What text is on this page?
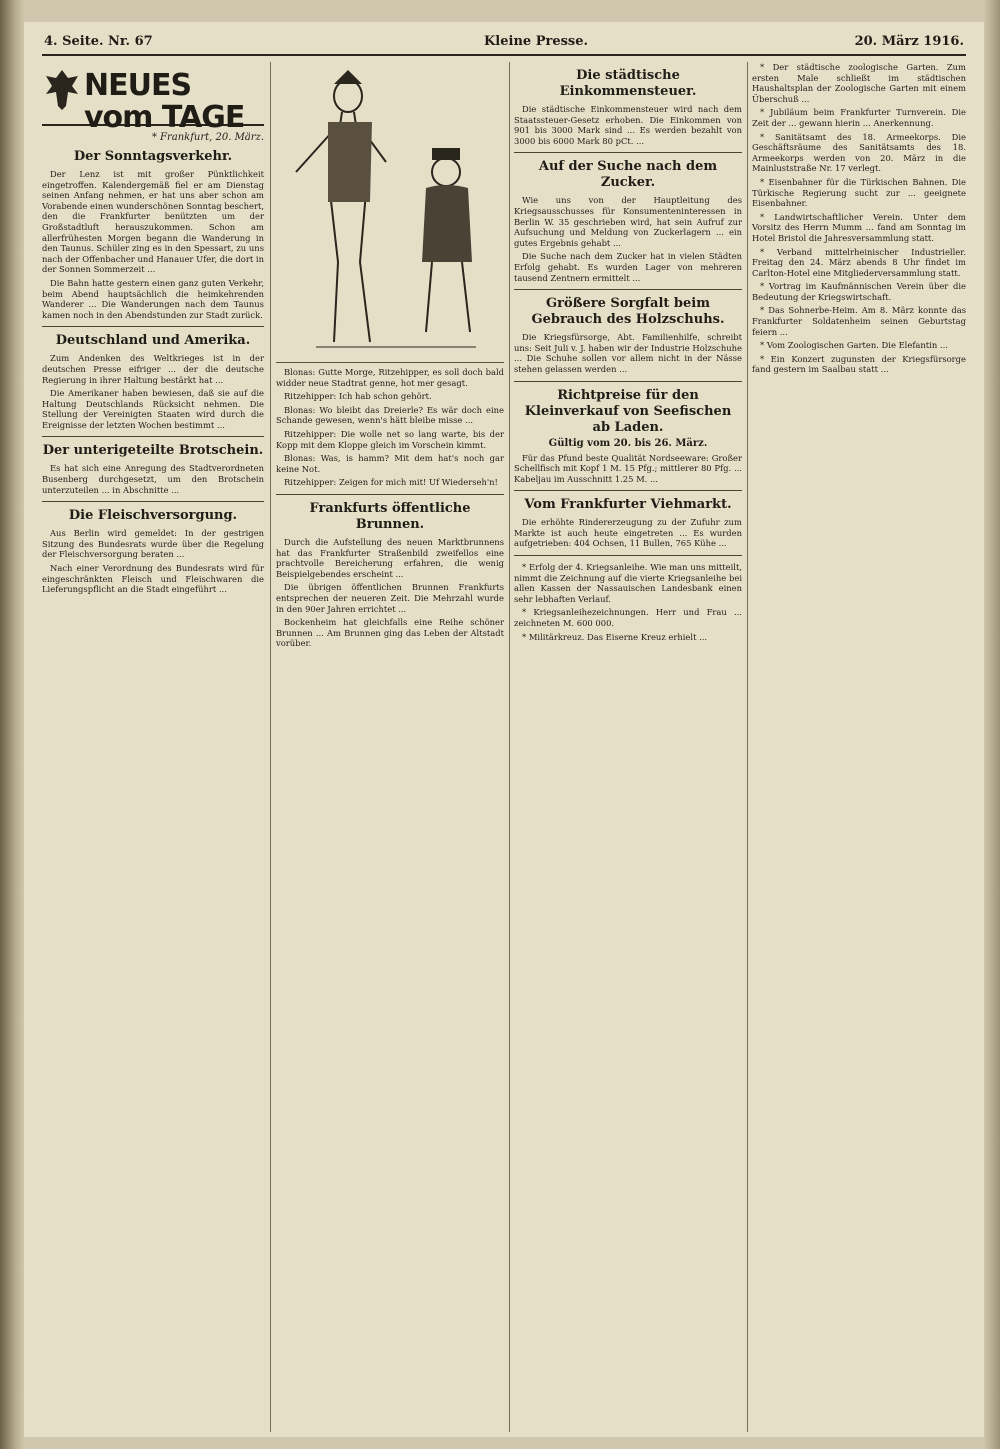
4. Seite. Nr. 67	Kleine Presse.	20. März 1916.
NEUES vom TAGE
* Frankfurt, 20. März.
Der Sonntagsverkehr.

Der Lenz ist mit großer Pünktlichkeit eingetroffen. Kalendergemäß fiel er am Dienstag seinen Anfang nehmen, er hat uns aber schon am Vorabende einen wunderschönen Sonntag beschert, den die Frankfurter benützten um der Großstadtluft herauszukommen. Schon am allerfrühesten Morgen begann die Wanderung in den Taunus. Schüler zing es in den Spessart, zu uns nach der Offenbacher und Hanauer Ufer, die dort in der Sonnen Sommerzeit ...

Die Bahn hatte gestern einen ganz guten Verkehr, beim Abend hauptsächlich die heimkehrenden Wanderer ... Die Wanderungen nach dem Taunus kamen noch in den Abendstunden zur Stadt zurück.

Deutschland und Amerika.

Zum Andenken des Weltkrieges ist in der deutschen Presse eifriger ... der die deutsche Regierung in ihrer Haltung bestärkt hat ...

Die Amerikaner haben bewiesen, daß sie auf die Haltung Deutschlands Rücksicht nehmen. Die Stellung der Vereinigten Staaten wird durch die Ereignisse der letzten Wochen bestimmt ...

Der unterigeteilte Brotschein.

Es hat sich eine Anregung des Stadtverordneten Busenberg durchgesetzt, um den Brotschein unterzuteilen ... in Abschnitte ...

Die Fleischversorgung.

Aus Berlin wird gemeldet: In der gestrigen Sitzung des Bundesrats wurde über die Regelung der Fleischversorgung beraten ...

Nach einer Verordnung des Bundesrats wird für eingeschränkten Fleisch und Fleischwaren die Lieferungspflicht an die Stadt eingeführt ...

Blonas: Gutte Morge, Ritzehipper, es soll doch bald widder neue Stadtrat genne, hot mer gesagt.

Ritzehipper: Ich hab schon gehört.

Blonas: Wo bleibt das Dreierle? Es wär doch eine Schande gewesen, wenn's hätt bleibe misse ...

Ritzehipper: Die wolle net so lang warte, bis der Kopp mit dem Kloppe gleich im Vorschein kimmt.

Blonas: Was, is hamm? Mit dem hat's noch gar keine Not.

Ritzehipper: Zeigen for mich mit! Uf Wiederseh'n!

Frankfurts öffentliche Brunnen.

Durch die Aufstellung des neuen Marktbrunnens hat das Frankfurter Straßenbild zweifellos eine prachtvolle Bereicherung erfahren, die wenig Beispielgebendes erscheint ...

Die übrigen öffentlichen Brunnen Frankfurts entsprechen der neueren Zeit. Die Mehrzahl wurde in den 90er Jahren errichtet ...

Bockenheim hat gleichfalls eine Reihe schöner Brunnen ... Am Brunnen ging das Leben der Altstadt vorüber.

Die städtische Einkommensteuer.

Die städtische Einkommensteuer wird nach dem Staatssteuer-Gesetz erhoben. Die Einkommen von 901 bis 3000 Mark sind ... Es werden bezahlt von 3000 bis 6000 Mark 80 pCt. ...

Auf der Suche nach dem Zucker.

Wie uns von der Hauptleitung des Kriegsausschusses für Konsumenteninteressen in Berlin W. 35 geschrieben wird, hat sein Aufruf zur Aufsuchung und Meldung von Zuckerlagern ... ein gutes Ergebnis gehabt ...

Die Suche nach dem Zucker hat in vielen Städten Erfolg gehabt. Es wurden Lager von mehreren tausend Zentnern ermittelt ...

Größere Sorgfalt beim Gebrauch des Holzschuhs.

Die Kriegsfürsorge, Abt. Familienhilfe, schreibt uns: Seit Juli v. J. haben wir der Industrie Holzschuhe ... Die Schuhe sollen vor allem nicht in der Nässe stehen gelassen werden ...

Richtpreise für den Kleinverkauf von Seefischen ab Laden.
Gültig vom 20. bis 26. März.

Für das Pfund beste Qualität Nordseeware: Großer Schellfisch mit Kopf 1 M. 15 Pfg.; mittlerer 80 Pfg. ... Kabeljau im Ausschnitt 1.25 M. ...

Vom Frankfurter Viehmarkt.

Die erhöhte Rindererzeugung zu der Zufuhr zum Markte ist auch heute eingetreten ... Es wurden aufgetrieben: 404 Ochsen, 11 Bullen, 765 Kühe ...

* Erfolg der 4. Kriegsanleihe. Wie man uns mitteilt, nimmt die Zeichnung auf die vierte Kriegsanleihe bei allen Kassen der Nassauischen Landesbank einen sehr lebhaften Verlauf.

* Kriegsanleihezeichnungen. Herr und Frau ... zeichneten M. 600 000.

* Militärkreuz. Das Eiserne Kreuz erhielt ...

* Der städtische zoologische Garten. Zum ersten Male schließt im städtischen Haushaltsplan der Zoologische Garten mit einem Überschuß ...

* Jubiläum beim Frankfurter Turnverein. Die Zeit der ... gewann hierin ... Anerkennung.

* Sanitätsamt des 18. Armeekorps. Die Geschäftsräume des Sanitätsamts des 18. Armeekorps werden von 20. März in die Mainluststraße Nr. 17 verlegt.

* Eisenbahner für die Türkischen Bahnen. Die Türkische Regierung sucht zur ... geeignete Eisenbahner.

* Landwirtschaftlicher Verein. Unter dem Vorsitz des Herrn Mumm ... fand am Sonntag im Hotel Bristol die Jahresversammlung statt.

* Verband mittelrheinischer Industrieller. Freitag den 24. März abends 8 Uhr findet im Carlton-Hotel eine Mitgliederversammlung statt.

* Vortrag im Kaufmännischen Verein über die Bedeutung der Kriegswirtschaft.

* Das Sohnerbe-Heim. Am 8. März konnte das Frankfurter Soldatenheim seinen Geburtstag feiern ...

* Vom Zoologischen Garten. Die Elefantin ...

* Ein Konzert zugunsten der Kriegsfürsorge fand gestern im Saalbau statt ...
